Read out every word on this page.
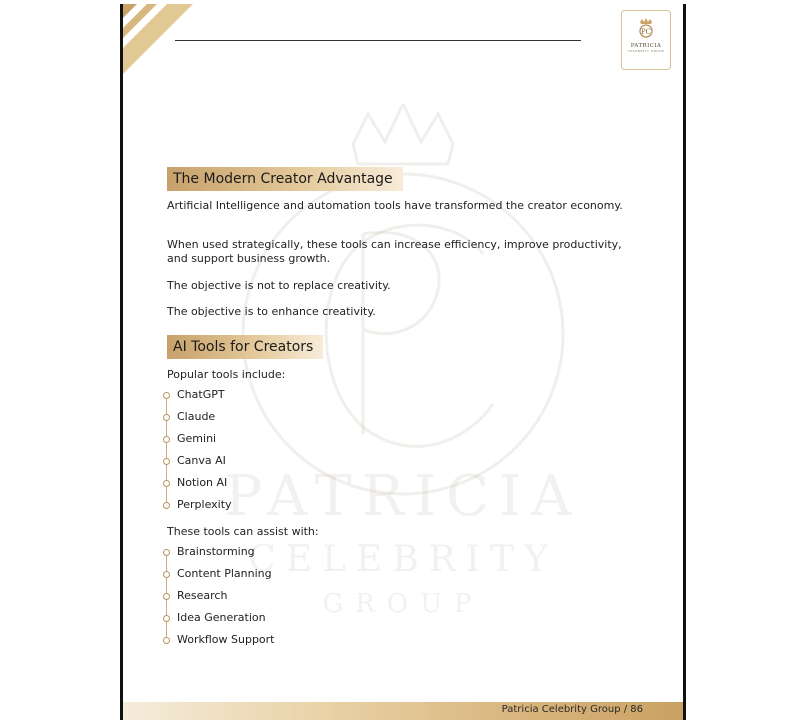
PC
PATRICIA
CELEBRITY GROUP
PATRICIA
CELEBRITY
GROUP
The Modern Creator Advantage
Artificial Intelligence and automation tools have transformed the creator economy.
When used strategically, these tools can increase efficiency, improve productivity, and support business growth.
The objective is not to replace creativity.
The objective is to enhance creativity.
AI Tools for Creators
Popular tools include:
ChatGPT
Claude
Gemini
Canva AI
Notion AI
Perplexity
These tools can assist with:
Brainstorming
Content Planning
Research
Idea Generation
Workflow Support
Patricia Celebrity Group / 86
